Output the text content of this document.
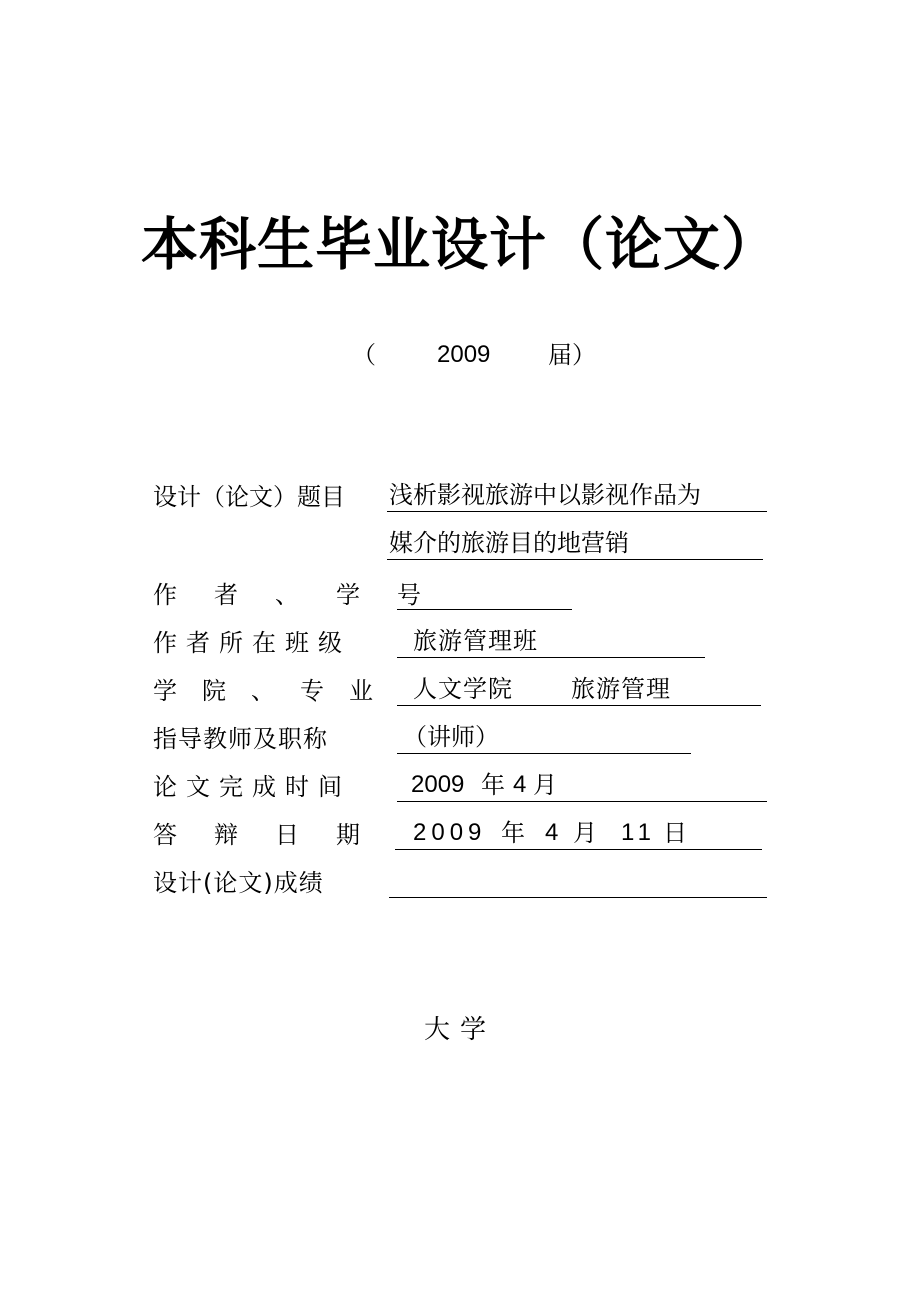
本科生毕业设计（论文）
（	2009 届）
设计（论文）题目 浅析影视旅游中以影视作品为
媒介的旅游目的地营销
作者、学号
作者所在班级	旅游管理班
学院、专业 人文学院 旅游管理
指导教师及职称	（讲师）
论文完成时间	2009 年 4 月
答辩日期 2009 年 4 月 11 日
设计(论文)成绩
大学
